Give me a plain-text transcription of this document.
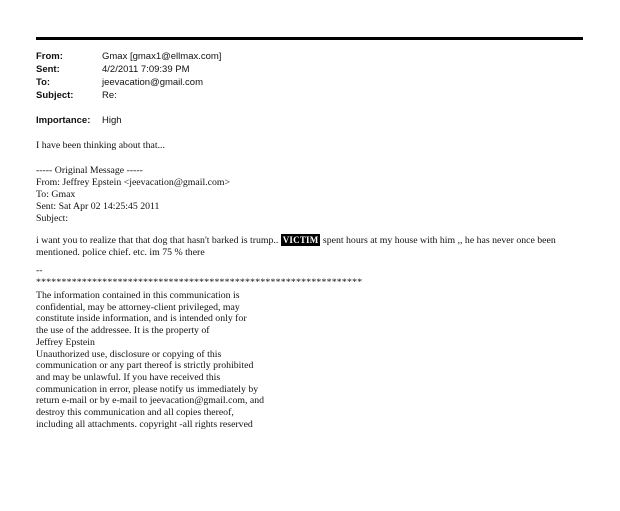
From:	Gmax [gmax1@ellmax.com]
Sent:	4/2/2011 7:09:39 PM
To:	jeevacation@gmail.com
Subject:	Re:
Importance: High
I have been thinking about that...
----- Original Message -----
From: Jeffrey Epstein <jeevacation@gmail.com>
To: Gmax
Sent: Sat Apr 02 14:25:45 2011
Subject:
i want you to realize that that dog that hasn't barked is trump.. VICTIM spent hours at my house with him ,, he has never once been mentioned. police chief. etc. im 75 % there
--
****************************************************************
The information contained in this communication is
confidential, may be attorney-client privileged, may
constitute inside information, and is intended only for
the use of the addressee. It is the property of
Jeffrey Epstein
Unauthorized use, disclosure or copying of this
communication or any part thereof is strictly prohibited
and may be unlawful. If you have received this
communication in error, please notify us immediately by
return e-mail or by e-mail to jeevacation@gmail.com, and
destroy this communication and all copies thereof,
including all attachments. copyright -all rights reserved
